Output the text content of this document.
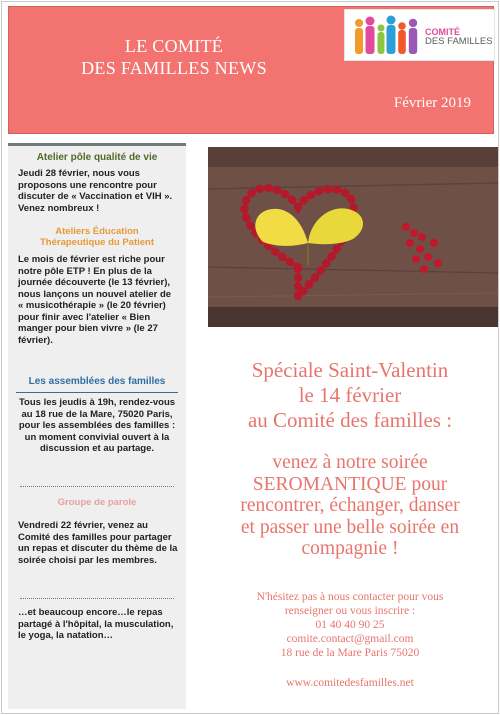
LE COMITÉ
DES FAMILLES NEWS
Février 2019
COMITÉ
DES FAMILLES
Atelier pôle qualité de vie
Jeudi 28 février, nous vous proposons une rencontre pour discuter de « Vaccination et VIH ». Venez nombreux !
Ateliers Éducation
Thérapeutique du Patient
Le mois de février est riche pour notre pôle ETP ! En plus de la journée découverte (le 13 février), nous lançons un nouvel atelier de « musicothérapie » (le 20 février) pour finir avec l'atelier « Bien manger pour bien vivre » (le 27 février).
Les assemblées des familles
Tous les jeudis à 19h, rendez-vous au 18 rue de la Mare, 75020 Paris, pour les assemblées des familles : un moment convivial ouvert à la discussion et au partage.
Groupe de parole
Vendredi 22 février, venez au Comité des familles pour partager un repas et discuter du thème de la soirée choisi par les membres.
…et beaucoup encore…le repas partagé à l'hôpital, la musculation, le yoga, la natation…
Spéciale Saint-Valentin
le 14 février
au Comité des familles :
venez à notre soirée
SEROMANTIQUE pour
rencontrer, échanger, danser
et passer une belle soirée en
compagnie !
N'hésitez pas à nous contacter pour vous
renseigner ou vous inscrire :
01 40 40 90 25
comite.contact@gmail.com
18 rue de la Mare Paris 75020
www.comitedesfamilles.net
